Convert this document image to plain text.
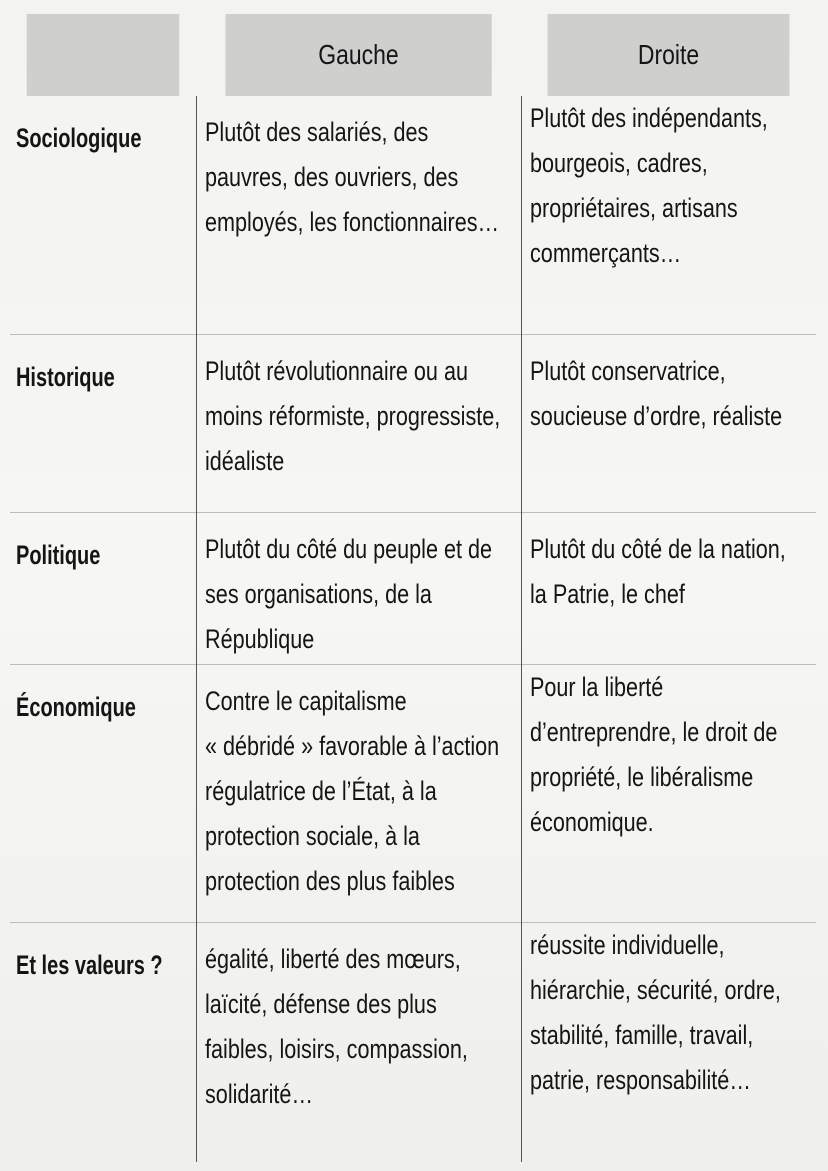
	Gauche	Droite

Sociologique	Plutôt des salariés, des
pauvres, des ouvriers, des
employés, les fonctionnaires…	Plutôt des indépendants,
bourgeois, cadres,
propriétaires, artisans
commerçants…

Historique	Plutôt révolutionnaire ou au
moins réformiste, progressiste,
idéaliste	Plutôt conservatrice,
soucieuse d’ordre, réaliste

Politique	Plutôt du côté du peuple et de
ses organisations, de la
République	Plutôt du côté de la nation,
la Patrie, le chef

Économique	Contre le capitalisme
« débridé » favorable à l’action
régulatrice de l’État, à la
protection sociale, à la
protection des plus faibles	Pour la liberté
d’entreprendre, le droit de
propriété, le libéralisme
économique.

Et les valeurs ?	égalité, liberté des mœurs,
laïcité, défense des plus
faibles, loisirs, compassion,
solidarité…	réussite individuelle,
hiérarchie, sécurité, ordre,
stabilité, famille, travail,
patrie, responsabilité…
